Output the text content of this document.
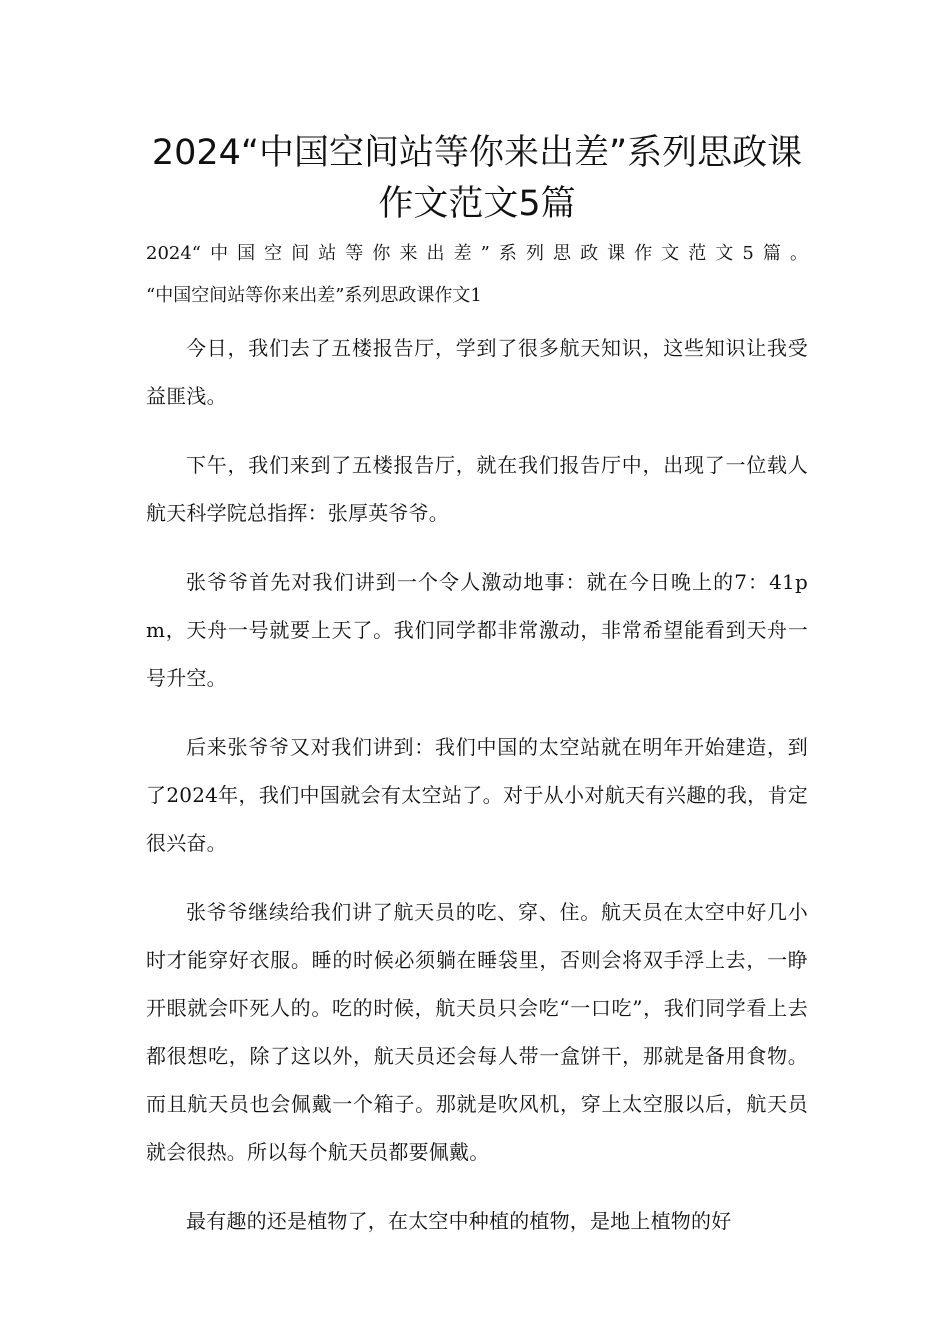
2024“中国空间站等你来出差”系列思政课作文范文5篇

2024“中国空间站等你来出差”系列思政课作文范文5篇。

“中国空间站等你来出差”系列思政课作文1

今日，我们去了五楼报告厅，学到了很多航天知识，这些知识让我受益匪浅。

下午，我们来到了五楼报告厅，就在我们报告厅中，出现了一位载人航天科学院总指挥：张厚英爷爷。

张爷爷首先对我们讲到一个令人激动地事：就在今日晚上的7：41pm，天舟一号就要上天了。我们同学都非常激动，非常希望能看到天舟一号升空。

后来张爷爷又对我们讲到：我们中国的太空站就在明年开始建造，到了2024年，我们中国就会有太空站了。对于从小对航天有兴趣的我，肯定很兴奋。

张爷爷继续给我们讲了航天员的吃、穿、住。航天员在太空中好几小时才能穿好衣服。睡的时候必须躺在睡袋里，否则会将双手浮上去，一睁开眼就会吓死人的。吃的时候，航天员只会吃“一口吃”，我们同学看上去都很想吃，除了这以外，航天员还会每人带一盒饼干，那就是备用食物。而且航天员也会佩戴一个箱子。那就是吹风机，穿上太空服以后，航天员就会很热。所以每个航天员都要佩戴。

最有趣的还是植物了，在太空中种植的植物，是地上植物的好
